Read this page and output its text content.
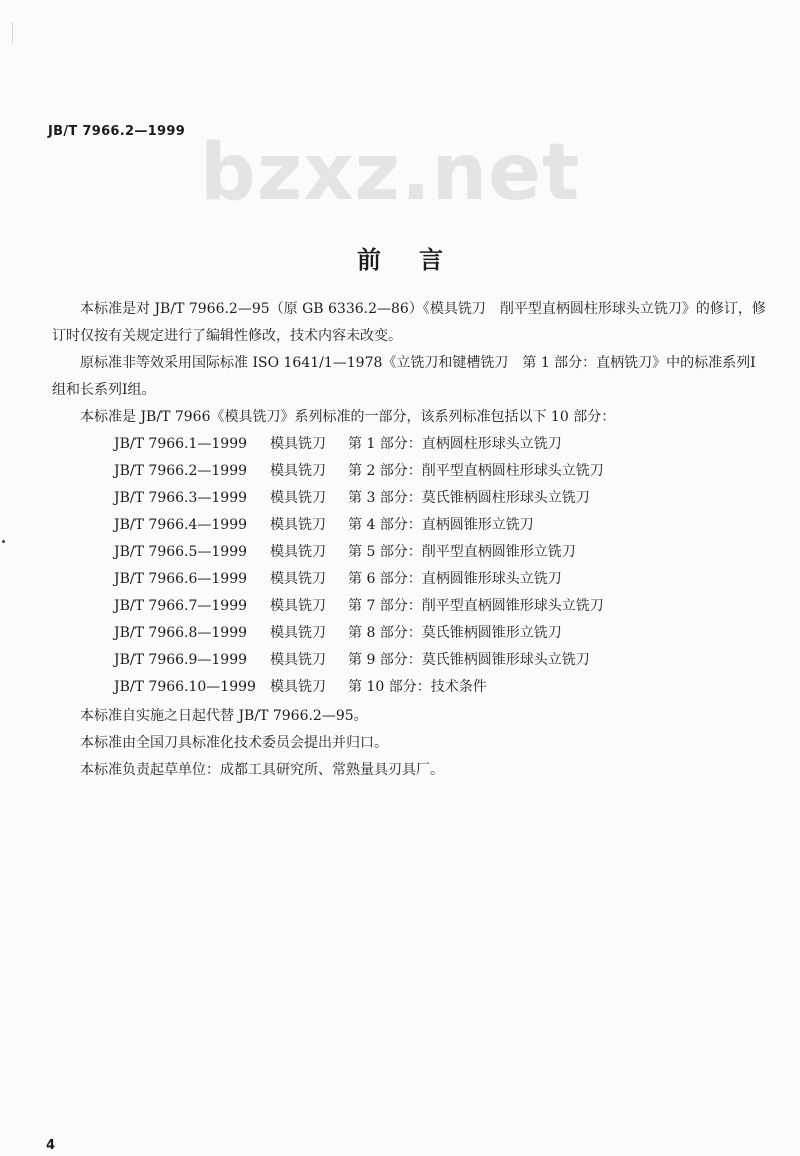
JB/T 7966.2—1999 bzxz.net
前言
本标准是对 JB/T 7966.2—95（原 GB 6336.2—86）《模具铣刀　削平型直柄圆柱形球头立铣刀》的修订，修订时仅按有关规定进行了编辑性修改，技术内容未改变。
原标准非等效采用国际标准 ISO 1641/1—1978《立铣刀和键槽铣刀　第 1 部分：直柄铣刀》中的标准系列Ⅰ组和长系列Ⅰ组。
本标准是 JB/T 7966《模具铣刀》系列标准的一部分，该系列标准包括以下 10 部分：
JB/T 7966.1—1999 模具铣刀 第 1 部分：直柄圆柱形球头立铣刀
JB/T 7966.2—1999 模具铣刀 第 2 部分：削平型直柄圆柱形球头立铣刀
JB/T 7966.3—1999 模具铣刀 第 3 部分：莫氏锥柄圆柱形球头立铣刀
JB/T 7966.4—1999 模具铣刀 第 4 部分：直柄圆锥形立铣刀
JB/T 7966.5—1999 模具铣刀 第 5 部分：削平型直柄圆锥形立铣刀
JB/T 7966.6—1999 模具铣刀 第 6 部分：直柄圆锥形球头立铣刀
JB/T 7966.7—1999 模具铣刀 第 7 部分：削平型直柄圆锥形球头立铣刀
JB/T 7966.8—1999 模具铣刀 第 8 部分：莫氏锥柄圆锥形立铣刀
JB/T 7966.9—1999 模具铣刀 第 9 部分：莫氏锥柄圆锥形球头立铣刀
JB/T 7966.10—1999 模具铣刀 第 10 部分：技术条件
本标准自实施之日起代替 JB/T 7966.2—95。
本标准由全国刀具标准化技术委员会提出并归口。
本标准负责起草单位：成都工具研究所、常熟量具刃具厂。
4
